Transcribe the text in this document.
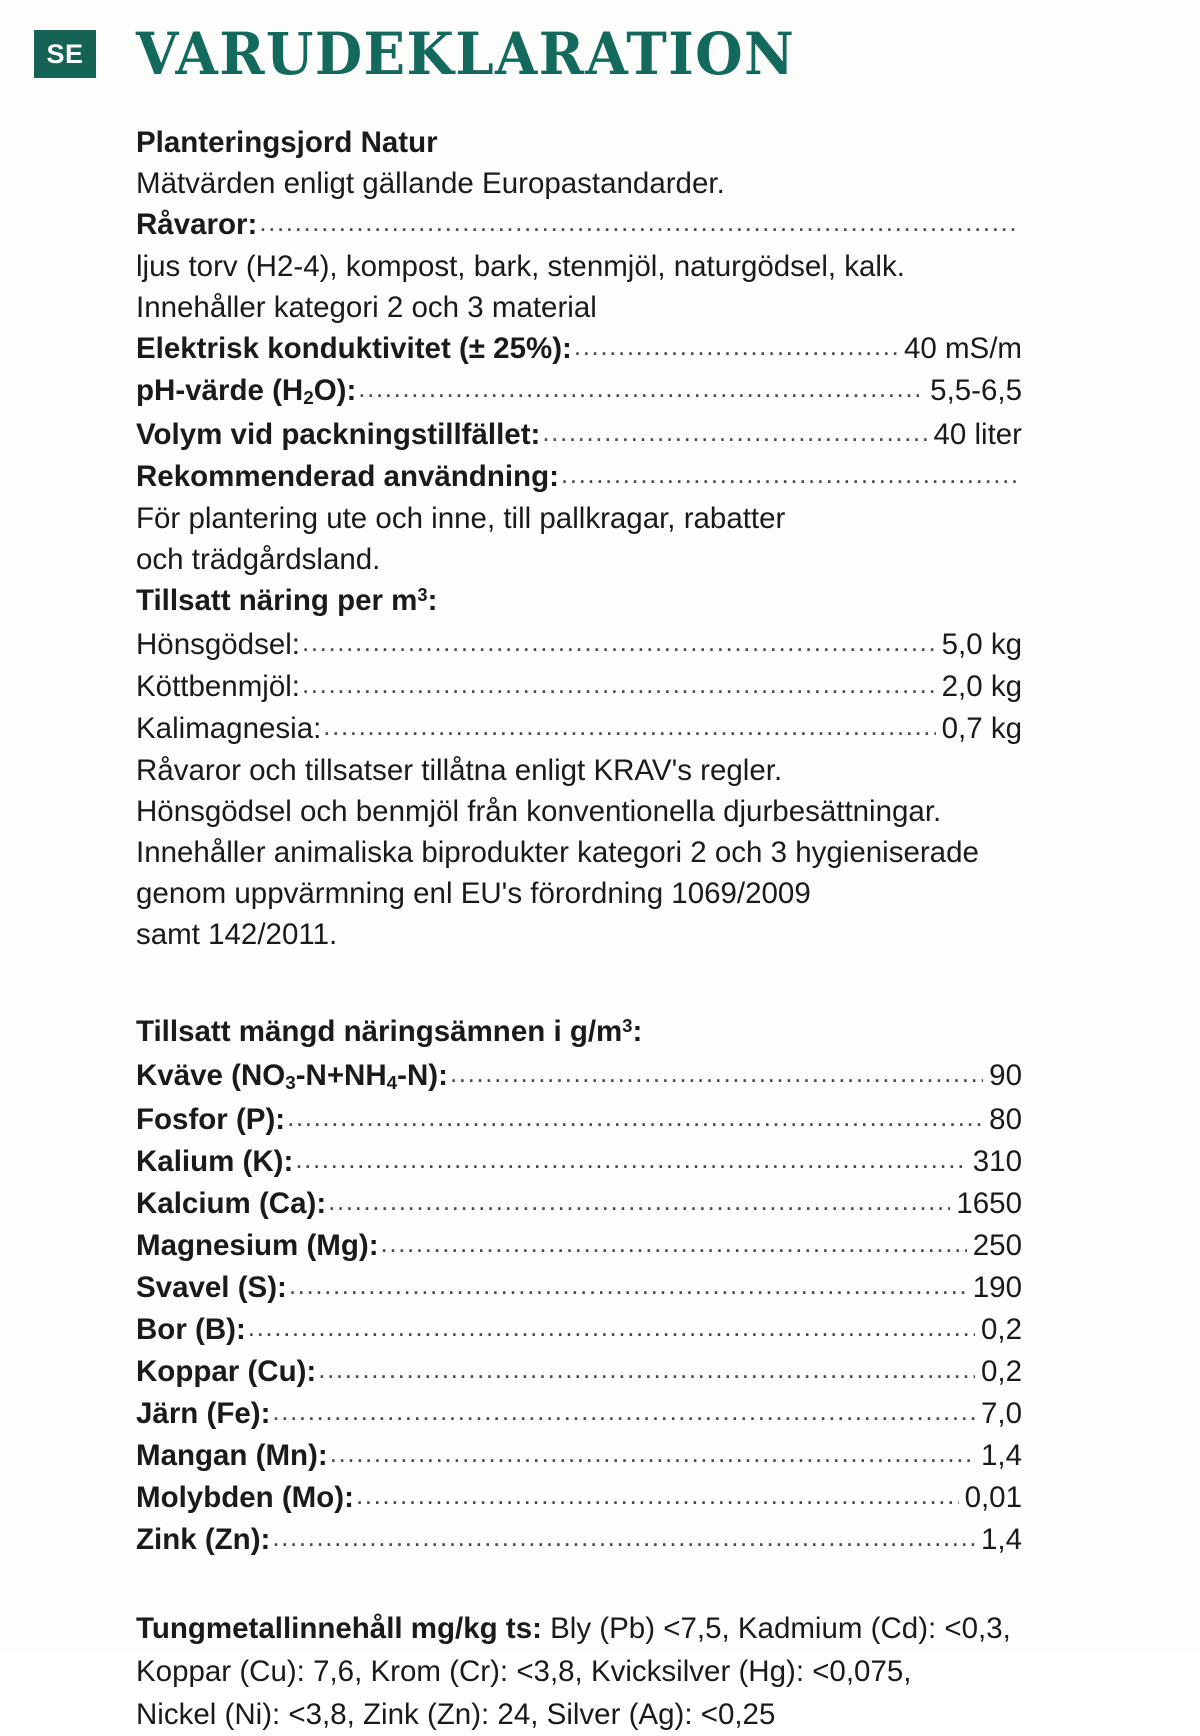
SE VARUDEKLARATION
Planteringsjord Natur
Mätvärden enligt gällande Europastandarder.
Råvaror:
.....
ljus torv (H2-4), kompost, bark, stenmjöl, naturgödsel, kalk.
Innehåller kategori 2 och 3 material
Elektrisk konduktivitet (± 25%): .....	40 mS/m
pH-värde $(H_2O)$: .....	5,5-6,5
Volym vid packningstillfället: .....	40 liter
Rekommenderad användning:
.....
För plantering ute och inne, till pallkragar, rabatter
och trädgårdsland.
Tillsatt näring per $m^3$:
Hönsgödsel: .....	5,0 kg
Köttbenmjöl: .....	2,0 kg
Kalimagnesia: .....	0,7 kg
Råvaror och tillsatser tillåtna enligt KRAV's regler.
Hönsgödsel och benmjöl från konventionella djurbesättningar.
Innehåller animaliska biprodukter kategori 2 och 3 hygieniserade
genom uppvärmning enl EU's förordning 1069/2009
samt 142/2011.
Tillsatt mängd näringsämnen i $g/m^3$:
Kväve $(NO_3-N+NH_4-N)$: .....	90
Fosfor (P): .....	80
Kalium (K): .....	310
Kalcium (Ca): .....	1650
Magnesium (Mg): .....	250
Svavel (S): .....	190
Bor (B): .....	0,2
Koppar (Cu): .....	0,2
Järn (Fe): .....	7,0
Mangan (Mn): .....	1,4
Molybden (Mo): .....	0,01
Zink (Zn): .....	1,4
Tungmetallinnehåll mg/kg ts: Bly (Pb) <7,5, Kadmium (Cd): <0,3,
Koppar (Cu): 7,6, Krom (Cr): <3,8, Kvicksilver (Hg): <0,075,
Nickel (Ni): <3,8, Zink (Zn): 24, Silver (Ag): <0,25
